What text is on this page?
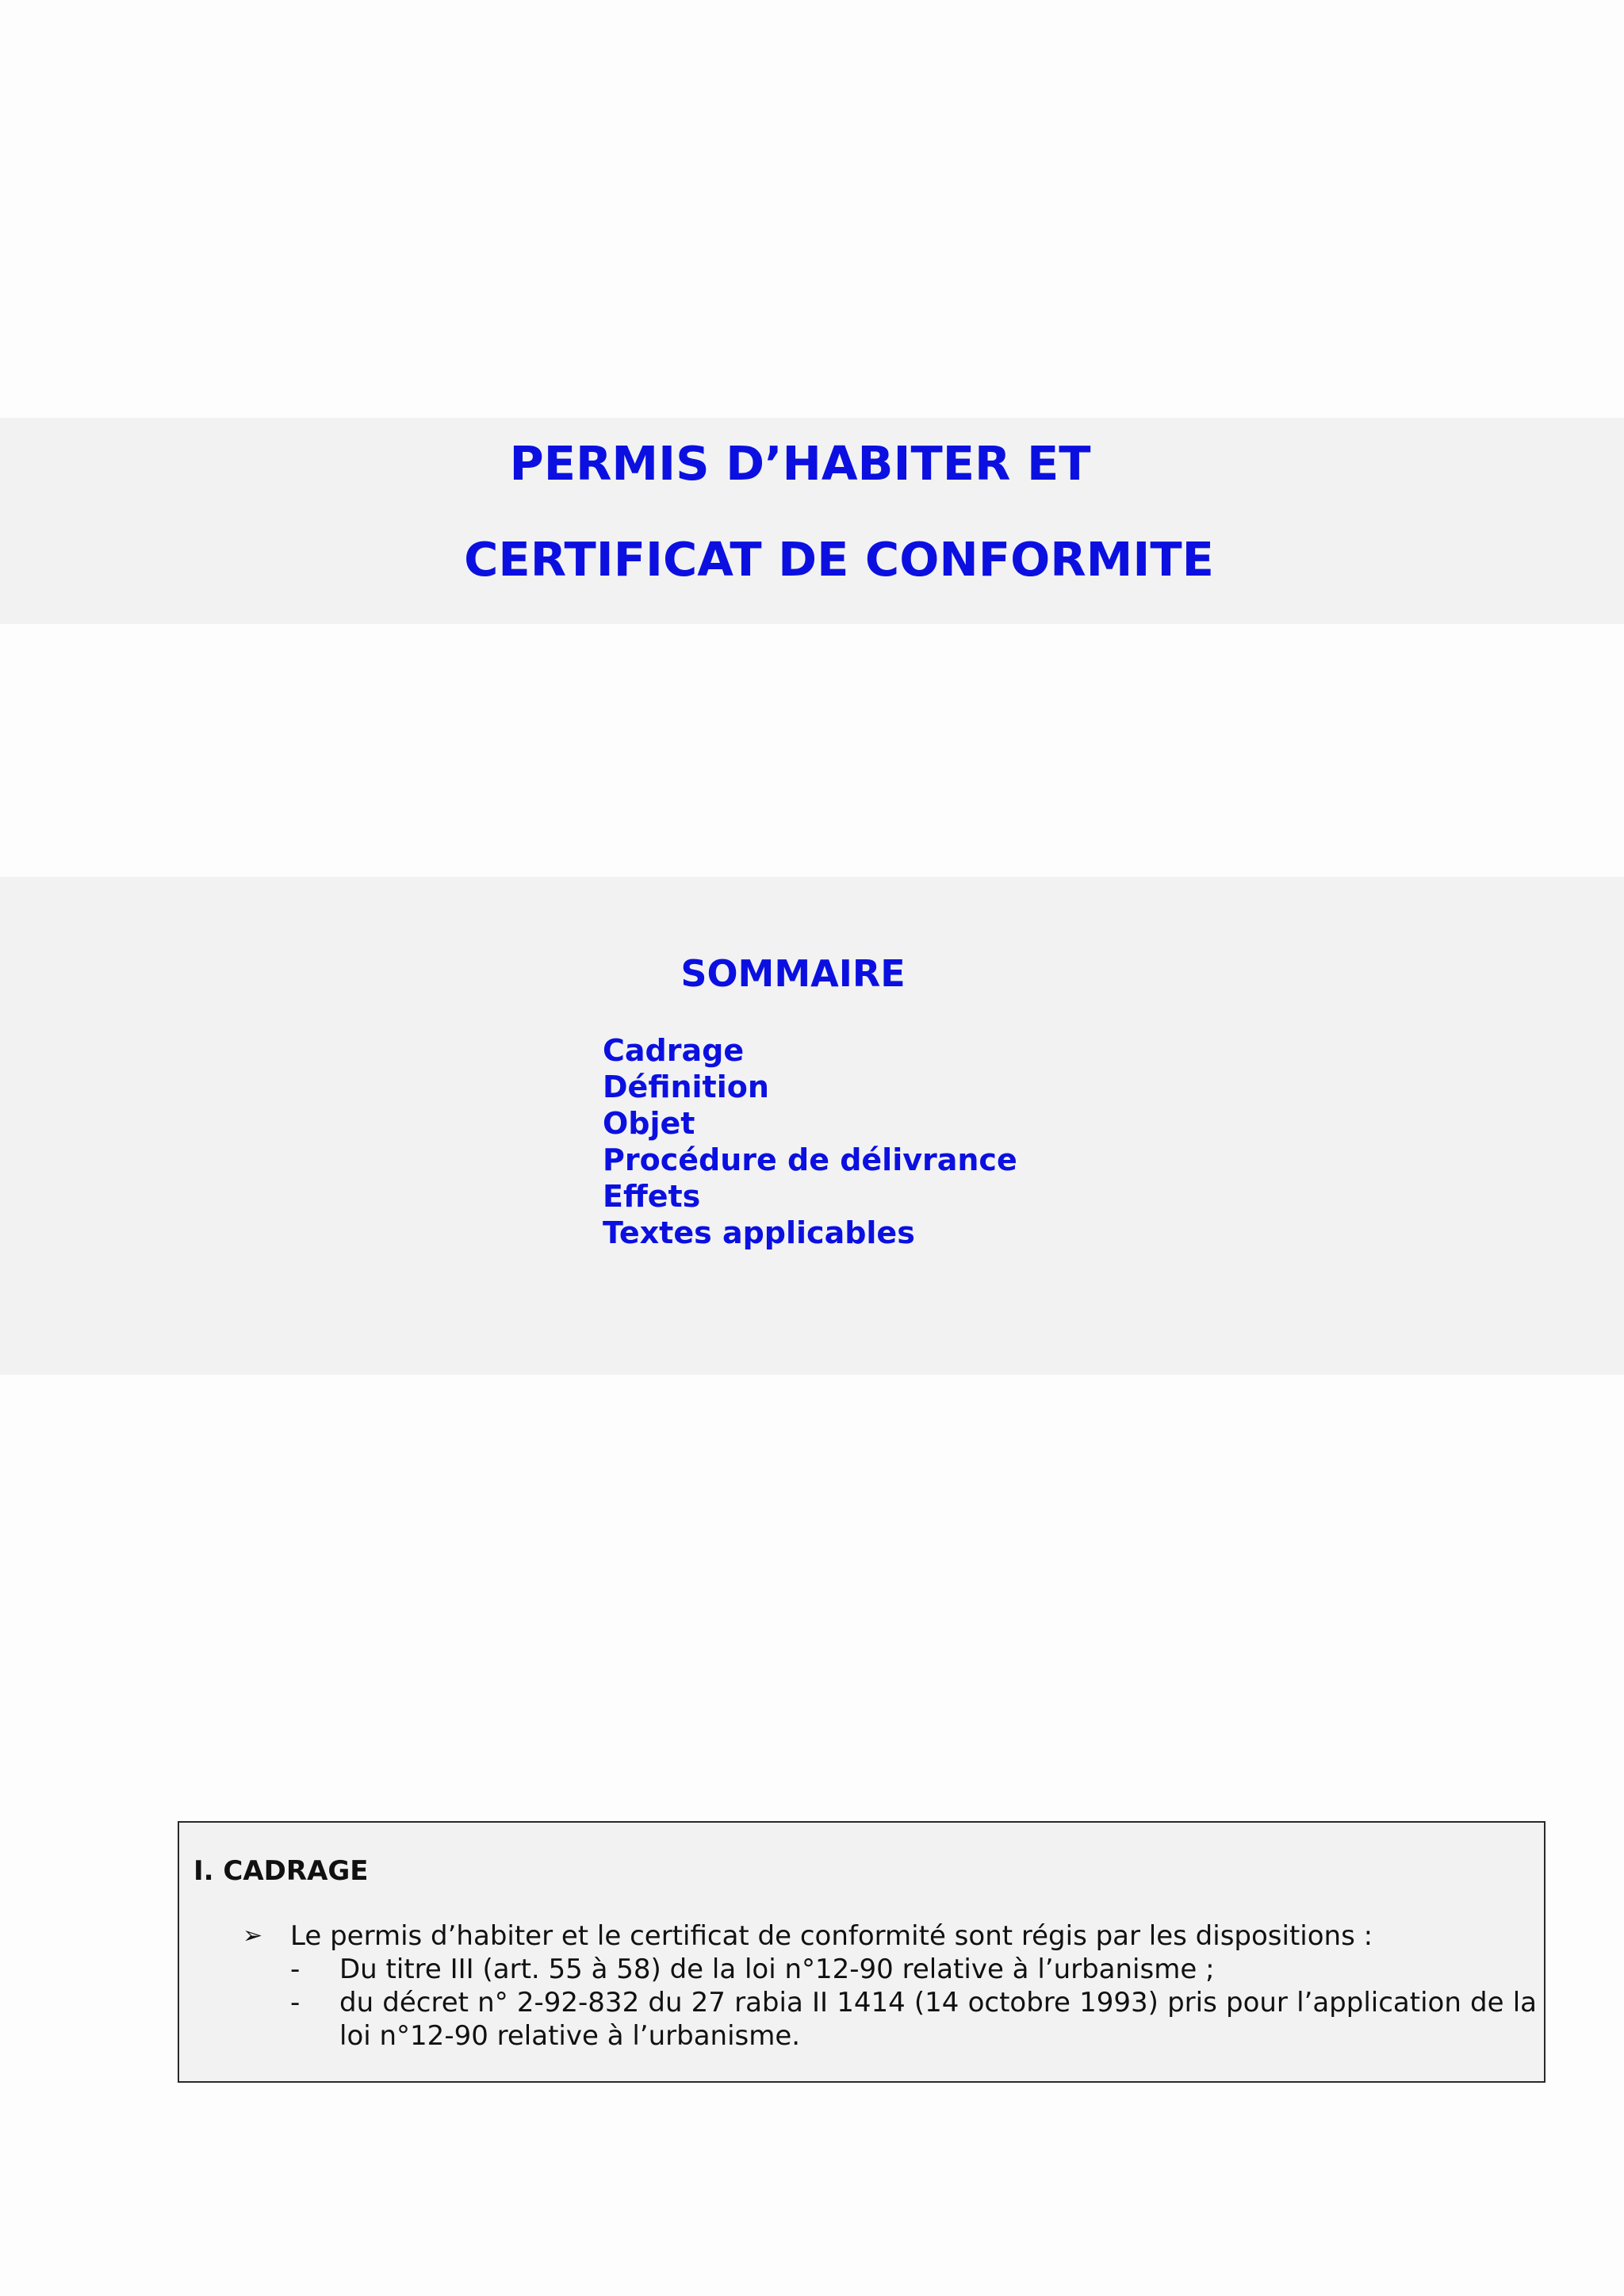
PERMIS D’HABITER ET
CERTIFICAT DE CONFORMITE
SOMMAIRE
Cadrage
Définition
Objet
Procédure de délivrance
Effets
Textes applicables
I. CADRAGE
➢ Le permis d’habiter et le certificat de conformité sont régis par les dispositions :
- Du titre III (art. 55 à 58) de la loi n°12-90 relative à l’urbanisme ;
- du décret n° 2-92-832 du 27 rabia II 1414 (14 octobre 1993) pris pour l’application de la loi n°12-90 relative à l’urbanisme.
